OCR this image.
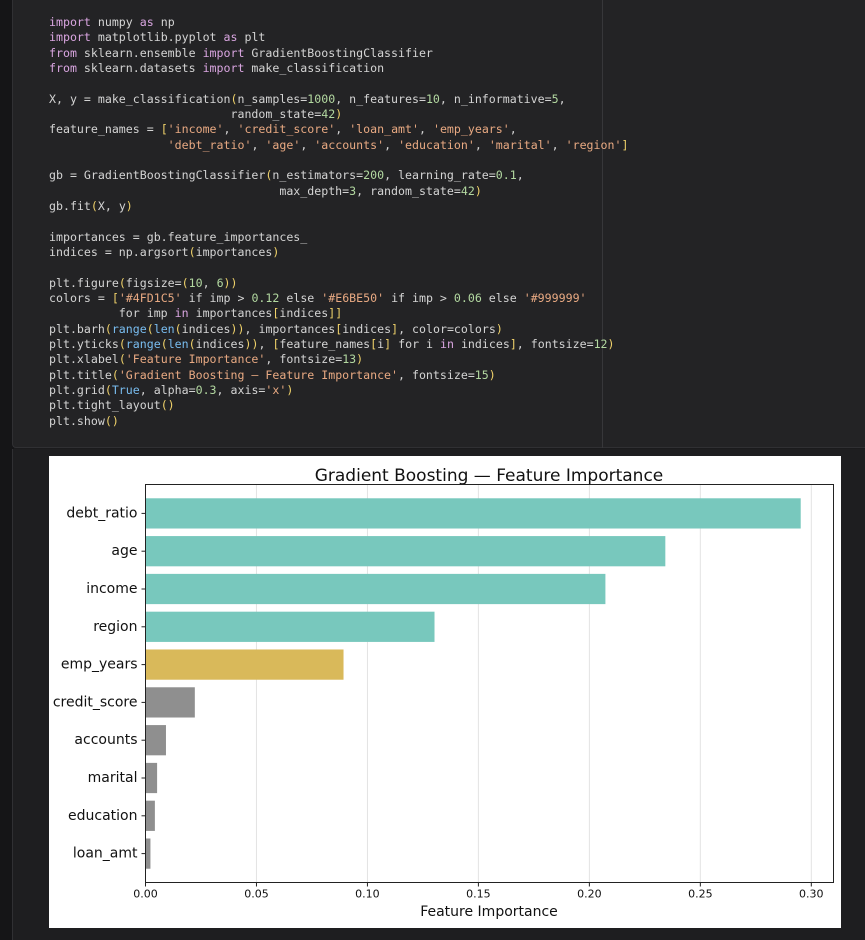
import numpy as np
import matplotlib.pyplot as plt
from sklearn.ensemble import GradientBoostingClassifier
from sklearn.datasets import make_classification

X, y = make_classification(n_samples=1000, n_features=10, n_informative=5,
random_state=42)
feature_names = ['income', 'credit_score', 'loan_amt', 'emp_years',
'debt_ratio', 'age', 'accounts', 'education', 'marital', 'region']

gb = GradientBoostingClassifier(n_estimators=200, learning_rate=0.1,
max_depth=3, random_state=42)
gb.fit(X, y)

importances = gb.feature_importances_
indices = np.argsort(importances)

plt.figure(figsize=(10, 6))
colors = ['#4FD1C5' if imp > 0.12 else '#E6BE50' if imp > 0.06 else '#999999'
for imp in importances[indices]]
plt.barh(range(len(indices)), importances[indices], color=colors)
plt.yticks(range(len(indices)), [feature_names[i] for i in indices], fontsize=12)
plt.xlabel('Feature Importance', fontsize=13)
plt.title('Gradient Boosting — Feature Importance', fontsize=15)
plt.grid(True, alpha=0.3, axis='x')
plt.tight_layout()
plt.show()
Gradient Boosting — Feature Importance
debt_ratio
age
income
region
emp_years
credit_score
accounts
marital
education
loan_amt
0.00	0.05	0.10	0.15	0.20	0.25	0.30
Feature Importance
